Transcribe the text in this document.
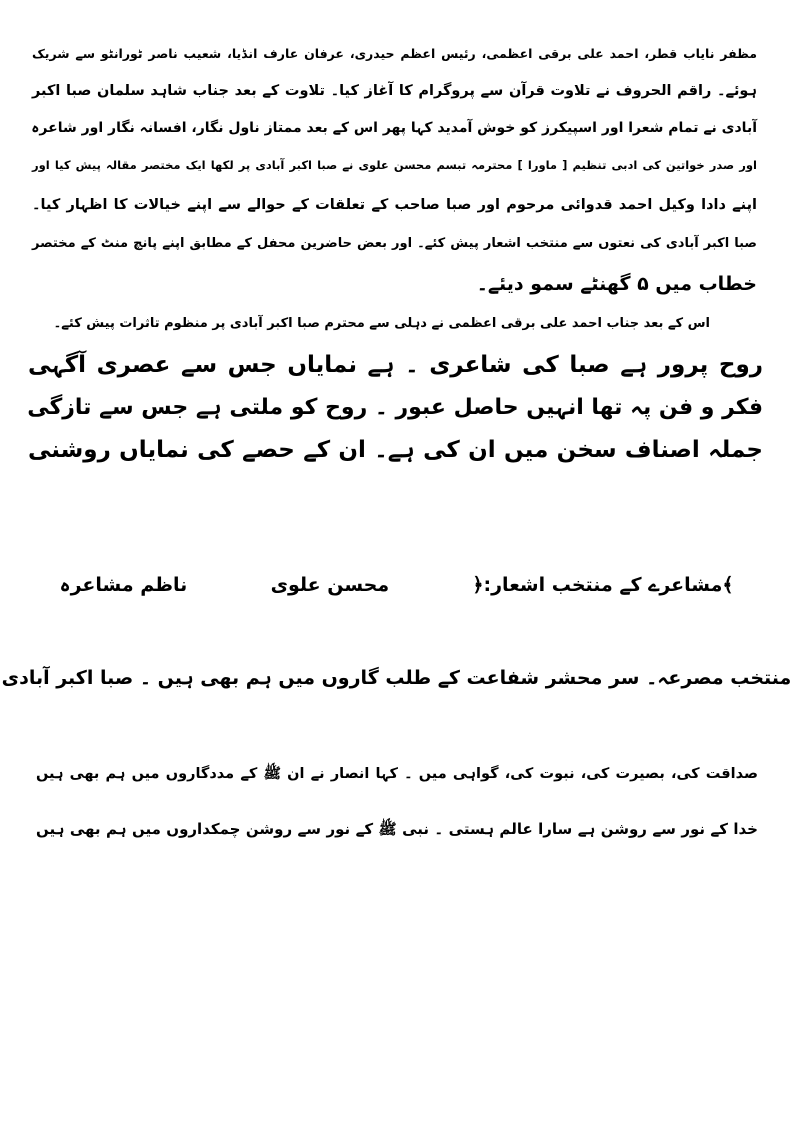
مظفر نایاب قطر، احمد علی برقی اعظمی، رئیس اعظم حیدری، عرفان عارف انڈیا، شعیب ناصر ٹورانٹو سے شریک
ہوئے۔ راقم الحروف نے تلاوت قرآن سے پروگرام کا آغاز کیا۔ تلاوت کے بعد جناب شاہد سلمان صبا اکبر
آبادی نے تمام شعرا اور اسپیکرز کو خوش آمدید کہا پھر اس کے بعد ممتاز ناول نگار، افسانہ نگار اور شاعرہ
اور صدر خواتین کی ادبی تنظیم [ ماورا ] محترمہ تبسم محسن علوی نے صبا اکبر آبادی پر لکھا ایک مختصر مقالہ پیش کیا اور
اپنے دادا وکیل احمد قدوائی مرحوم اور صبا صاحب کے تعلقات کے حوالے سے اپنے خیالات کا اظہار کیا۔
صبا اکبر آبادی کی نعتوں سے منتخب اشعار پیش کئے۔ اور بعض حاضرین محفل کے مطابق اپنے پانچ منٹ کے مختصر
خطاب میں ۵ گھنٹے سمو دیئے۔
اس کے بعد جناب احمد علی برقی اعظمی نے دہلی سے محترم صبا اکبر آبادی پر منظوم تاثرات پیش کئے۔
روح پرور ہے صبا کی شاعری ۔ ہے نمایاں جس سے عصری آگہی
فکر و فن پہ تھا انہیں حاصل عبور ۔ روح کو ملتی ہے جس سے تازگی
جملہ اصناف سخن میں ان کی ہے۔ ان کے حصے کی نمایاں روشنی
﴾مشاعرے کے منتخب اشعار:﴿  محسن علوی  ناظم مشاعرہ
منتخب مصرعہ۔ سر محشر شفاعت کے طلب گاروں میں ہم بھی ہیں ۔ صبا اکبر آبادی
صداقت کی، بصیرت کی، نبوت کی، گواہی میں ۔ کہا انصار نے ان ﷺ کے مددگاروں میں ہم بھی ہیں
خدا کے نور سے روشن ہے سارا عالم ہستی ۔ نبی ﷺ کے نور سے روشن چمکداروں میں ہم بھی ہیں
